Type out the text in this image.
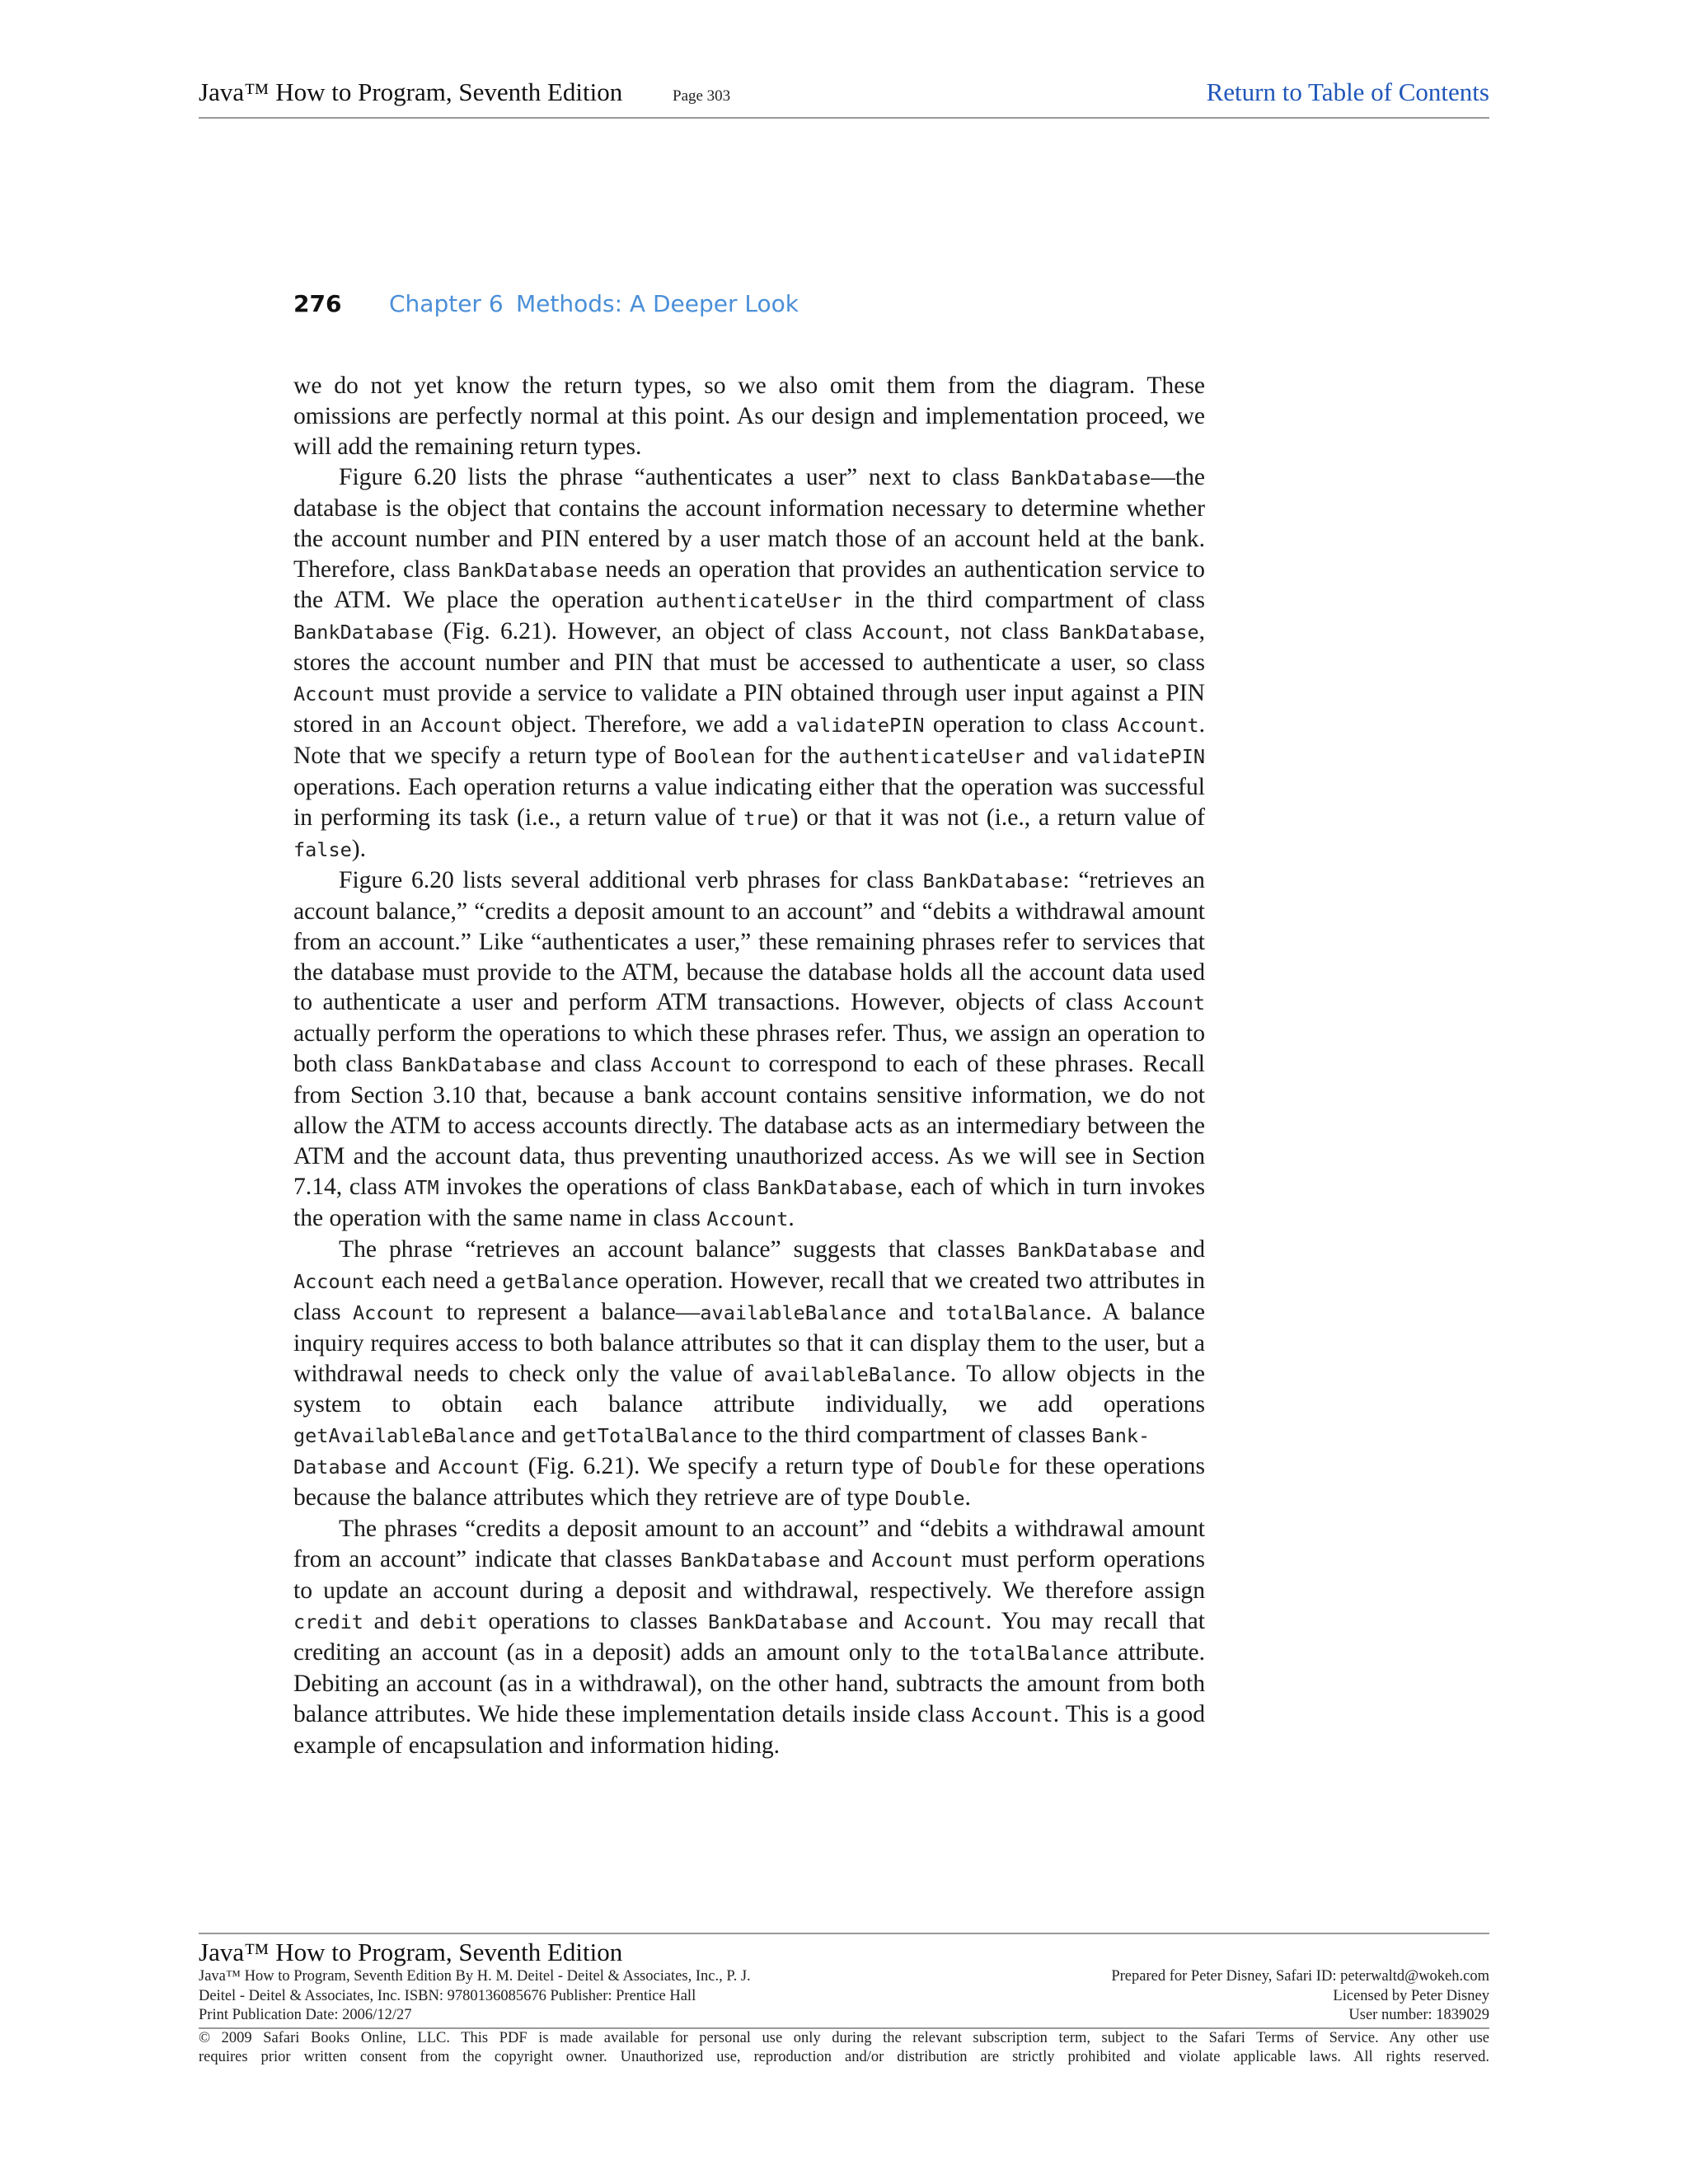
Java™ How to Program, Seventh Edition	Page 303	Return to Table of Contents
276 Chapter 6 Methods: A Deeper Look

we do not yet know the return types, so we also omit them from the diagram. These omissions are perfectly normal at this point. As our design and implementation proceed, we will add the remaining return types.

Figure 6.20 lists the phrase “authenticates a user” next to class BankDatabase—the database is the object that contains the account information necessary to determine whether the account number and PIN entered by a user match those of an account held at the bank. Therefore, class BankDatabase needs an operation that provides an authentication service to the ATM. We place the operation authenticateUser in the third compartment of class BankDatabase (Fig. 6.21). However, an object of class Account, not class BankDatabase, stores the account number and PIN that must be accessed to authenticate a user, so class Account must provide a service to validate a PIN obtained through user input against a PIN stored in an Account object. Therefore, we add a validatePIN operation to class Account. Note that we specify a return type of Boolean for the authenticateUser and validatePIN operations. Each operation returns a value indicating either that the operation was successful in performing its task (i.e., a return value of true) or that it was not (i.e., a return value of false).

Figure 6.20 lists several additional verb phrases for class BankDatabase: “retrieves an account balance,” “credits a deposit amount to an account” and “debits a withdrawal amount from an account.” Like “authenticates a user,” these remaining phrases refer to services that the database must provide to the ATM, because the database holds all the account data used to authenticate a user and perform ATM transactions. However, objects of class Account actually perform the operations to which these phrases refer. Thus, we assign an operation to both class BankDatabase and class Account to correspond to each of these phrases. Recall from Section 3.10 that, because a bank account contains sensitive information, we do not allow the ATM to access accounts directly. The database acts as an intermediary between the ATM and the account data, thus preventing unauthorized access. As we will see in Section 7.14, class ATM invokes the operations of class BankDatabase, each of which in turn invokes the operation with the same name in class Account.

The phrase “retrieves an account balance” suggests that classes BankDatabase and Account each need a getBalance operation. However, recall that we created two attributes in class Account to represent a balance—availableBalance and totalBalance. A balance inquiry requires access to both balance attributes so that it can display them to the user, but a withdrawal needs to check only the value of availableBalance. To allow objects in the system to obtain each balance attribute individually, we add operations getAvailableBalance and getTotalBalance to the third compartment of classes Bank-
Database and Account (Fig. 6.21). We specify a return type of Double for these operations because the balance attributes which they retrieve are of type Double.

The phrases “credits a deposit amount to an account” and “debits a withdrawal amount from an account” indicate that classes BankDatabase and Account must perform operations to update an account during a deposit and withdrawal, respectively. We therefore assign credit and debit operations to classes BankDatabase and Account. You may recall that crediting an account (as in a deposit) adds an amount only to the totalBalance attribute. Debiting an account (as in a withdrawal), on the other hand, subtracts the amount from both balance attributes. We hide these implementation details inside class Account. This is a good example of encapsulation and information hiding.

Java™ How to Program, Seventh Edition
Java™ How to Program, Seventh Edition By H. M. Deitel - Deitel & Associates, Inc., P. J.
Deitel - Deitel & Associates, Inc. ISBN: 9780136085676 Publisher: Prentice Hall
Print Publication Date: 2006/12/27
Prepared for Peter Disney, Safari ID: peterwaltd@wokeh.com
Licensed by Peter Disney
User number: 1839029
© 2009 Safari Books Online, LLC. This PDF is made available for personal use only during the relevant subscription term, subject to the Safari Terms of Service. Any other use
requires prior written consent from the copyright owner. Unauthorized use, reproduction and/or distribution are strictly prohibited and violate applicable laws. All rights reserved.
